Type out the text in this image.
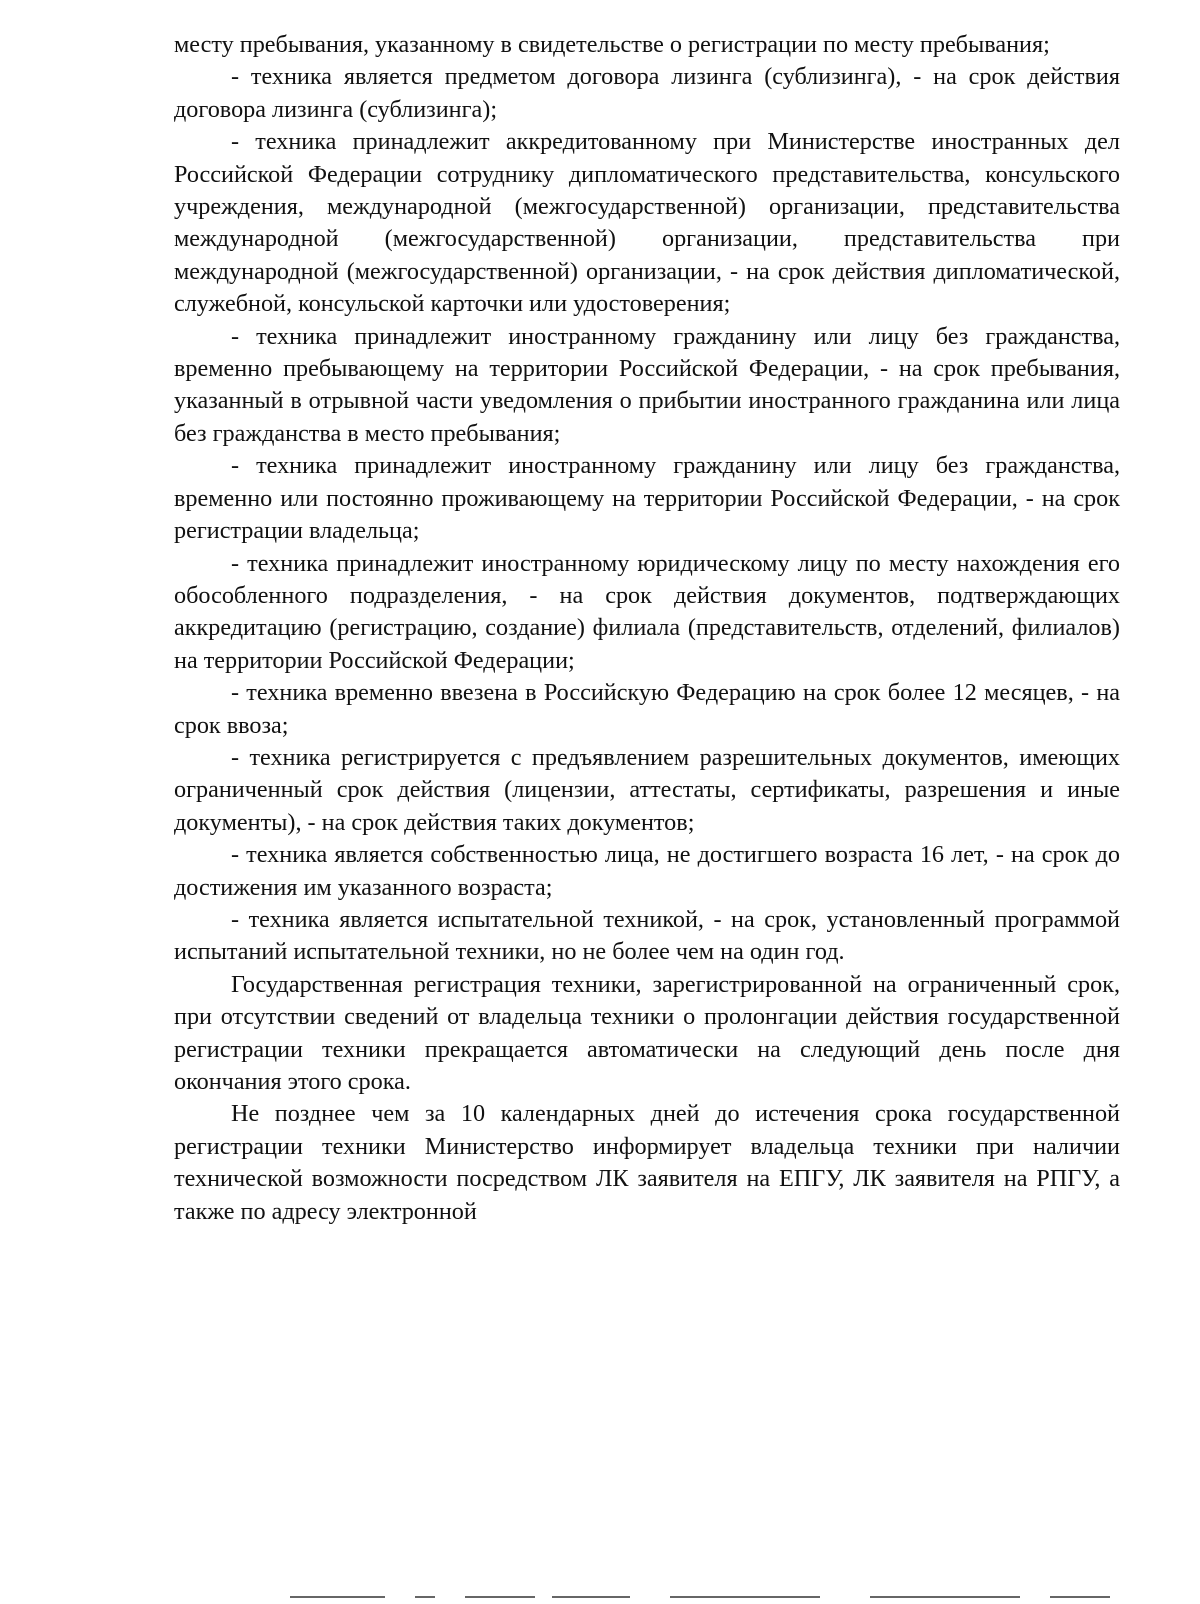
месту пребывания, указанному в свидетельстве о регистрации по месту пребывания;

- техника является предметом договора лизинга (сублизинга), - на срок действия договора лизинга (сублизинга);

- техника принадлежит аккредитованному при Министерстве иностранных дел Российской Федерации сотруднику дипломатического представительства, консульского учреждения, международной (межгосударственной) организации, представительства международной (межгосударственной) организации, представительства при международной (межгосударственной) организации, - на срок действия дипломатической, служебной, консульской карточки или удостоверения;

- техника принадлежит иностранному гражданину или лицу без гражданства, временно пребывающему на территории Российской Федерации, - на срок пребывания, указанный в отрывной части уведомления о прибытии иностранного гражданина или лица без гражданства в место пребывания;

- техника принадлежит иностранному гражданину или лицу без гражданства, временно или постоянно проживающему на территории Российской Федерации, - на срок регистрации владельца;

- техника принадлежит иностранному юридическому лицу по месту нахождения его обособленного подразделения, - на срок действия документов, подтверждающих аккредитацию (регистрацию, создание) филиала (представительств, отделений, филиалов) на территории Российской Федерации;

- техника временно ввезена в Российскую Федерацию на срок более 12 месяцев, - на срок ввоза;

- техника регистрируется с предъявлением разрешительных документов, имеющих ограниченный срок действия (лицензии, аттестаты, сертификаты, разрешения и иные документы), - на срок действия таких документов;

- техника является собственностью лица, не достигшего возраста 16 лет, - на срок до достижения им указанного возраста;

- техника является испытательной техникой, - на срок, установленный программой испытаний испытательной техники, но не более чем на один год.

Государственная регистрация техники, зарегистрированной на ограниченный срок, при отсутствии сведений от владельца техники о пролонгации действия государственной регистрации техники прекращается автоматически на следующий день после дня окончания этого срока.

Не позднее чем за 10 календарных дней до истечения срока государственной регистрации техники Министерство информирует владельца техники при наличии технической возможности посредством ЛК заявителя на ЕПГУ, ЛК заявителя на РПГУ, а также по адресу электронной
